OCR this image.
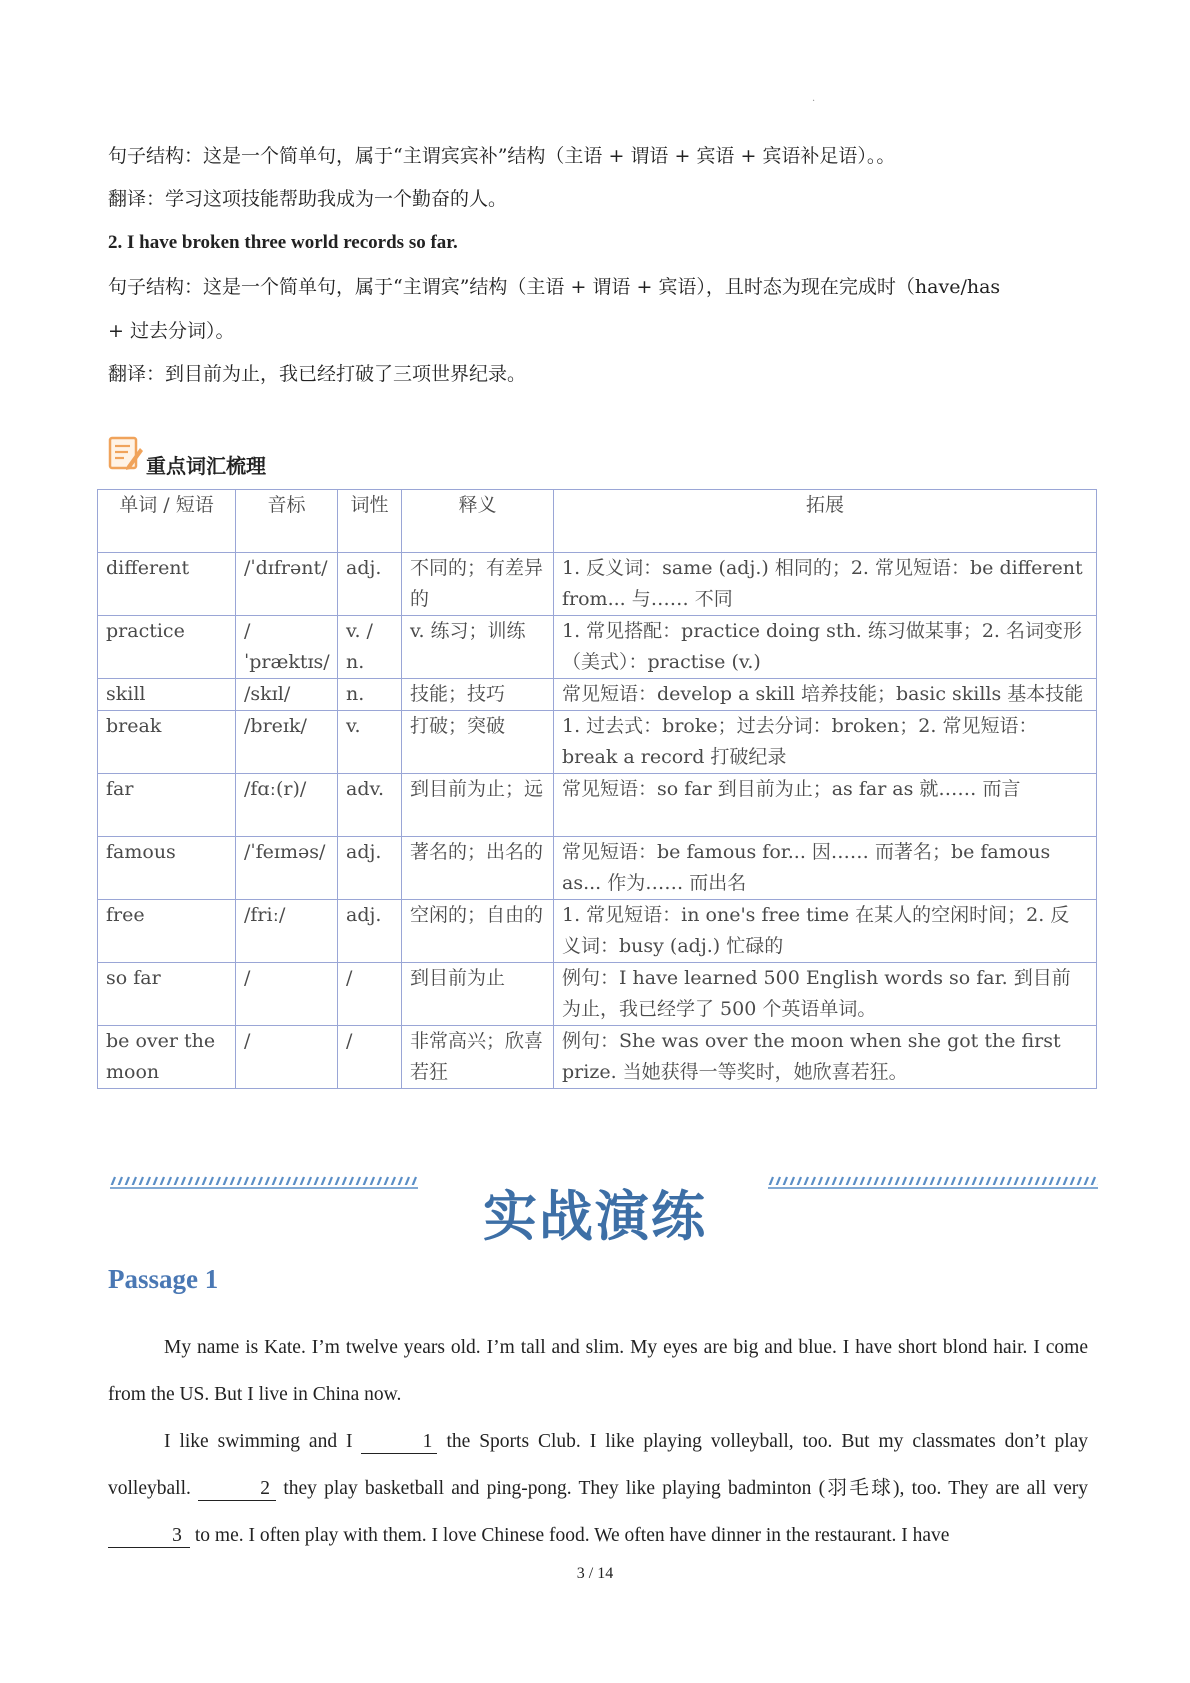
·
句子结构：这是一个简单句，属于“主谓宾宾补”结构（主语 + 谓语 + 宾语 + 宾语补足语）。。
翻译：学习这项技能帮助我成为一个勤奋的人。
2. I have broken three world records so far.
句子结构：这是一个简单句，属于“主谓宾”结构（主语 + 谓语 + 宾语），且时态为现在完成时（have/has
+ 过去分词）。
翻译：到目前为止，我已经打破了三项世界纪录。
重点词汇梳理
单词 / 短语	音标	词性	释义	拓展
different	/ˈdɪfrənt/	adj.	不同的；有差异的	1. 反义词：same (adj.) 相同的；2. 常见短语：be different from... 与…… 不同
practice	/ˈpræktɪs/	v. / n.	v. 练习；训练	1. 常见搭配：practice doing sth. 练习做某事；2. 名词变形（美式）：practise (v.)
skill	/skɪl/	n.	技能；技巧	常见短语：develop a skill 培养技能；basic skills 基本技能
break	/breɪk/	v.	打破；突破	1. 过去式：broke；过去分词：broken；2. 常见短语：break a record 打破纪录
far	/fɑː(r)/	adv.	到目前为止；远	常见短语：so far 到目前为止；as far as 就…… 而言
famous	/ˈfeɪməs/	adj.	著名的；出名的	常见短语：be famous for... 因…… 而著名；be famous as... 作为…… 而出名
free	/friː/	adj.	空闲的；自由的	1. 常见短语：in one's free time 在某人的空闲时间；2. 反义词：busy (adj.) 忙碌的
so far	/	/	到目前为止	例句：I have learned 500 English words so far. 到目前为止，我已经学了 500 个英语单词。
be over the moon	/	/	非常高兴；欣喜若狂	例句：She was over the moon when she got the first prize. 当她获得一等奖时，她欣喜若狂。
实战演练
Passage 1
My name is Kate. I’m twelve years old. I’m tall and slim. My eyes are big and blue. I have short blond hair. I come from the US. But I live in China now.
I like swimming and I	1 the Sports Club. I like playing volleyball, too. But my classmates don’t play volleyball.	2 they play basketball and ping-pong. They like playing badminton (羽毛球), too. They are all very 3 to me. I often play with them. I love Chinese food. We often have dinner in the restaurant. I have
3 / 14
